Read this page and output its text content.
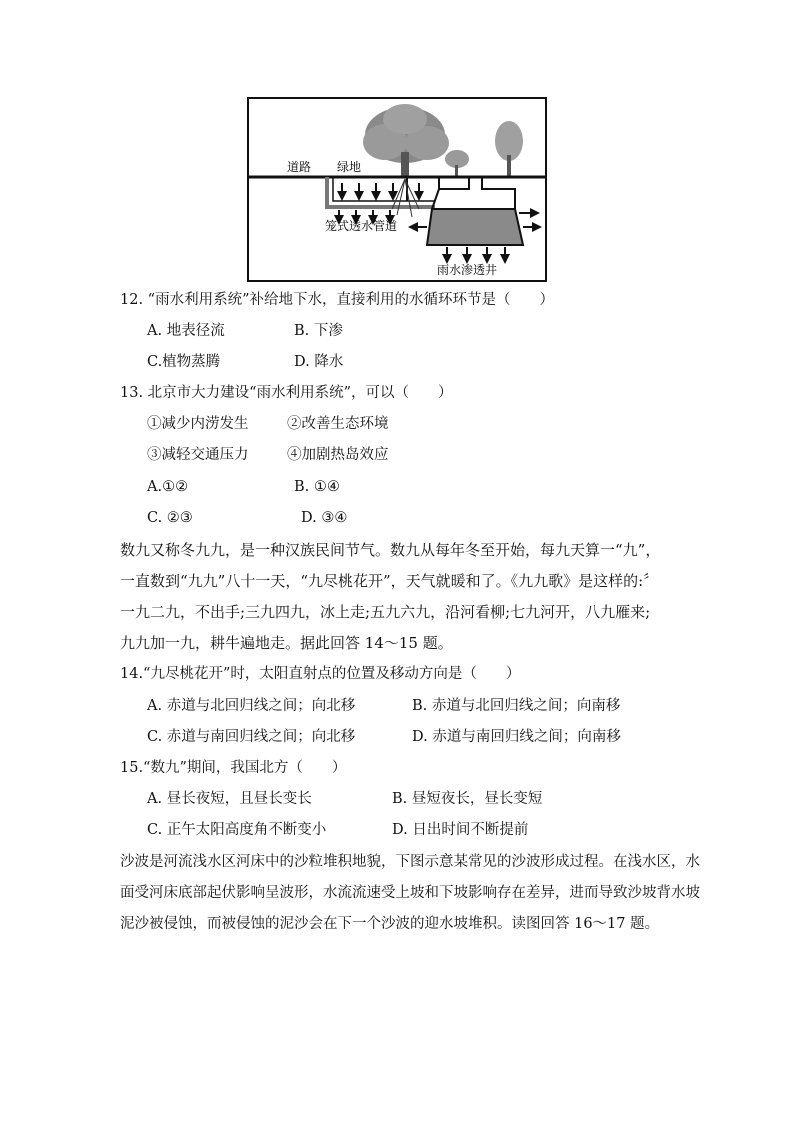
道路 绿地
笼式透水管道
雨水渗透井
12. “雨水利用系统”补给地下水，直接利用的水循环环节是（　　）
A. 地表径流	B. 下渗
C.植物蒸腾	D. 降水
13. 北京市大力建设“雨水利用系统”，可以（　　）
①减少内涝发生	②改善生态环境
③减轻交通压力	④加剧热岛效应
A.①②	B. ①④
C. ②③	D. ③④
数九又称冬九九，是一种汉族民间节气。数九从每年冬至开始，每九天算一“九”，
一直数到“九九”八十一天，“九尽桃花开”，天气就暖和了。《九九歌》是这样的:〞
一九二九，不出手;三九四九，冰上走;五九六九，沿河看柳;七九河开，八九雁来;
九九加一九，耕牛遍地走。据此回答 14～15 题。
14.“九尽桃花开”时，太阳直射点的位置及移动方向是（　　）
A. 赤道与北回归线之间；向北移	B. 赤道与北回归线之间；向南移
C. 赤道与南回归线之间；向北移	D. 赤道与南回归线之间；向南移
15.“数九”期间，我国北方（　　）
A. 昼长夜短，且昼长变长	B. 昼短夜长，昼长变短
C. 正午太阳高度角不断变小	D. 日出时间不断提前
沙波是河流浅水区河床中的沙粒堆积地貌，下图示意某常见的沙波形成过程。在浅水区，水
面受河床底部起伏影响呈波形，水流流速受上坡和下坡影响存在差异，进而导致沙坡背水坡
泥沙被侵蚀，而被侵蚀的泥沙会在下一个沙波的迎水坡堆积。读图回答 16～17 题。
